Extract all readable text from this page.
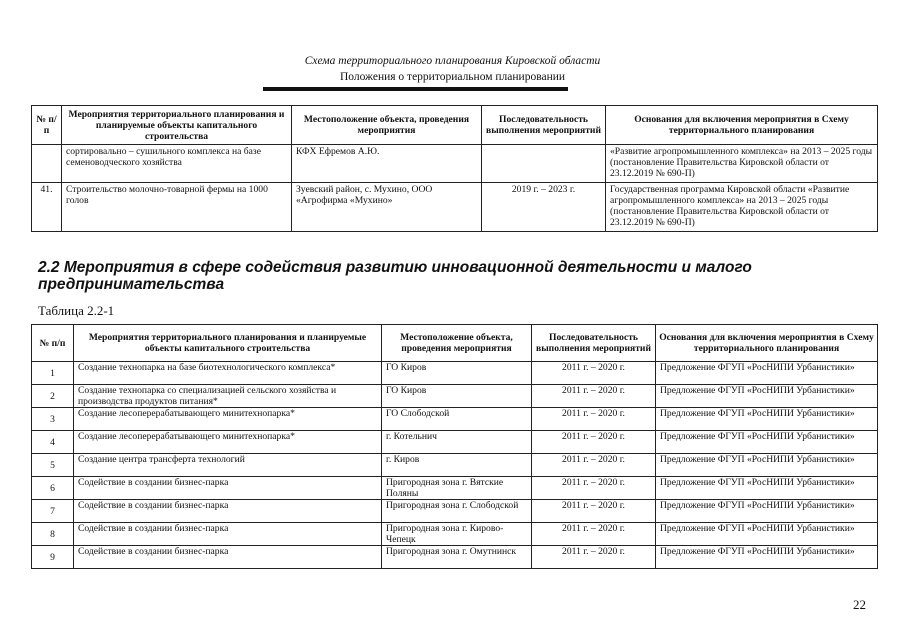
Схема территориального планирования Кировской области
Положения о территориальном планировании
№ п/п	Мероприятия территориального планирования и планируемые объекты капитального строительства	Местоположение объекта, проведения мероприятия	Последовательность выполнения мероприятий	Основания для включения мероприятия в Схему территориального планирования
	сортировально – сушильного комплекса на базе семеноводческого хозяйства	КФХ Ефремов А.Ю.		«Развитие агропромышленного комплекса» на 2013 – 2025 годы (постановление Правительства Кировской области от 23.12.2019 № 690-П)
41.	Строительство молочно-товарной фермы на 1000 голов	Зуевский район, с. Мухино, ООО «Агрофирма «Мухино»	2019 г. – 2023 г.	Государственная программа Кировской области «Развитие агропромышленного комплекса» на 2013 – 2025 годы (постановление Правительства Кировской области от 23.12.2019 № 690-П)
2.2 Мероприятия в сфере содействия развитию инновационной деятельности и малого предпринимательства
Таблица 2.2-1
№ п/п	Мероприятия территориального планирования и планируемые объекты капитального строительства	Местоположение объекта, проведения мероприятия	Последовательность выполнения мероприятий	Основания для включения мероприятия в Схему территориального планирования
1	Создание технопарка на базе биотехнологического комплекса*	ГО Киров	2011 г. – 2020 г.	Предложение ФГУП «РосНИПИ Урбанистики»
2	Создание технопарка со специализацией сельского хозяйства и производства продуктов питания*	ГО Киров	2011 г. – 2020 г.	Предложение ФГУП «РосНИПИ Урбанистики»
3	Создание лесоперерабатывающего минитехнопарка*	ГО Слободской	2011 г. – 2020 г.	Предложение ФГУП «РосНИПИ Урбанистики»
4	Создание лесоперерабатывающего минитехнопарка*	г. Котельнич	2011 г. – 2020 г.	Предложение ФГУП «РосНИПИ Урбанистики»
5	Создание центра трансферта технологий	г. Киров	2011 г. – 2020 г.	Предложение ФГУП «РосНИПИ Урбанистики»
6	Содействие в создании бизнес-парка	Пригородная зона г. Вятские Поляны	2011 г. – 2020 г.	Предложение ФГУП «РосНИПИ Урбанистики»
7	Содействие в создании бизнес-парка	Пригородная зона г. Слободской	2011 г. – 2020 г.	Предложение ФГУП «РосНИПИ Урбанистики»
8	Содействие в создании бизнес-парка	Пригородная зона г. Кирово-Чепецк	2011 г. – 2020 г.	Предложение ФГУП «РосНИПИ Урбанистики»
9	Содействие в создании бизнес-парка	Пригородная зона г. Омутнинск	2011 г. – 2020 г.	Предложение ФГУП «РосНИПИ Урбанистики»
22
